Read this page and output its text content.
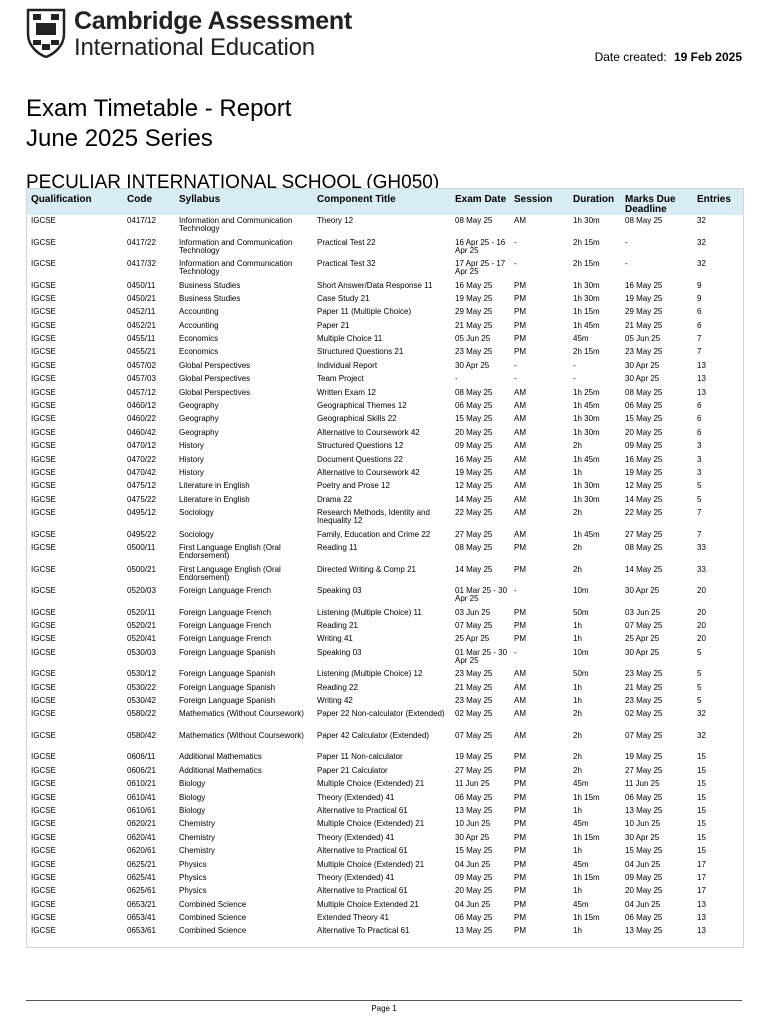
Cambridge Assessment
International Education	Date created: 19 Feb 2025
Exam Timetable - Report
June 2025 Series
PECULIAR INTERNATIONAL SCHOOL (GH050)
Qualification	Code	Syllabus	Component Title	Exam Date	Session	Duration	Marks Due Deadline	Entries
IGCSE	0417/12	Information and Communication Technology	Theory 12	08 May 25	AM	1h 30m	08 May 25	32
IGCSE	0417/22	Information and Communication Technology	Practical Test 22	16 Apr 25 - 16 Apr 25	-	2h 15m	-	32
IGCSE	0417/32	Information and Communication Technology	Practical Test 32	17 Apr 25 - 17 Apr 25	-	2h 15m	-	32
IGCSE	0450/11	Business Studies	Short Answer/Data Response 11	16 May 25	PM	1h 30m	16 May 25	9
IGCSE	0450/21	Business Studies	Case Study 21	19 May 25	PM	1h 30m	19 May 25	9
IGCSE	0452/11	Accounting	Paper 11 (Multiple Choice)	29 May 25	PM	1h 15m	29 May 25	6
IGCSE	0452/21	Accounting	Paper 21	21 May 25	PM	1h 45m	21 May 25	6
IGCSE	0455/11	Economics	Multiple Choice 11	05 Jun 25	PM	45m	05 Jun 25	7
IGCSE	0455/21	Economics	Structured Questions 21	23 May 25	PM	2h 15m	23 May 25	7
IGCSE	0457/02	Global Perspectives	Individual Report	30 Apr 25	-	-	30 Apr 25	13
IGCSE	0457/03	Global Perspectives	Team Project	-	-	-	30 Apr 25	13
IGCSE	0457/12	Global Perspectives	Written Exam 12	08 May 25	AM	1h 25m	08 May 25	13
IGCSE	0460/12	Geography	Geographical Themes 12	06 May 25	AM	1h 45m	06 May 25	6
IGCSE	0460/22	Geography	Geographical Skills 22	15 May 25	AM	1h 30m	15 May 25	6
IGCSE	0460/42	Geography	Alternative to Coursework 42	20 May 25	AM	1h 30m	20 May 25	6
IGCSE	0470/12	History	Structured Questions 12	09 May 25	AM	2h	09 May 25	3
IGCSE	0470/22	History	Document Questions 22	16 May 25	AM	1h 45m	16 May 25	3
IGCSE	0470/42	History	Alternative to Coursework 42	19 May 25	AM	1h	19 May 25	3
IGCSE	0475/12	Literature in English	Poetry and Prose 12	12 May 25	AM	1h 30m	12 May 25	5
IGCSE	0475/22	Literature in English	Drama 22	14 May 25	AM	1h 30m	14 May 25	5
IGCSE	0495/12	Sociology	Research Methods, Identity and Inequality 12	22 May 25	AM	2h	22 May 25	7
IGCSE	0495/22	Sociology	Family, Education and Crime 22	27 May 25	AM	1h 45m	27 May 25	7
IGCSE	0500/11	First Language English (Oral Endorsement)	Reading 11	08 May 25	PM	2h	08 May 25	33
IGCSE	0500/21	First Language English (Oral Endorsement)	Directed Writing & Comp 21	14 May 25	PM	2h	14 May 25	33
IGCSE	0520/03	Foreign Language French	Speaking 03	01 Mar 25 - 30 Apr 25	-	10m	30 Apr 25	20
IGCSE	0520/11	Foreign Language French	Listening (Multiple Choice) 11	03 Jun 25	PM	50m	03 Jun 25	20
IGCSE	0520/21	Foreign Language French	Reading 21	07 May 25	PM	1h	07 May 25	20
IGCSE	0520/41	Foreign Language French	Writing 41	25 Apr 25	PM	1h	25 Apr 25	20
IGCSE	0530/03	Foreign Language Spanish	Speaking 03	01 Mar 25 - 30 Apr 25	-	10m	30 Apr 25	5
IGCSE	0530/12	Foreign Language Spanish	Listening (Multiple Choice) 12	23 May 25	AM	50m	23 May 25	5
IGCSE	0530/22	Foreign Language Spanish	Reading 22	21 May 25	AM	1h	21 May 25	5
IGCSE	0530/42	Foreign Language Spanish	Writing 42	23 May 25	AM	1h	23 May 25	5
IGCSE	0580/22	Mathematics (Without Coursework)	Paper 22 Non-calculator (Extended)	02 May 25	AM	2h	02 May 25	32
IGCSE	0580/42	Mathematics (Without Coursework)	Paper 42 Calculator (Extended)	07 May 25	AM	2h	07 May 25	32
IGCSE	0606/11	Additional Mathematics	Paper 11 Non-calculator	19 May 25	PM	2h	19 May 25	15
IGCSE	0606/21	Additional Mathematics	Paper 21 Calculator	27 May 25	PM	2h	27 May 25	15
IGCSE	0610/21	Biology	Multiple Choice (Extended) 21	11 Jun 25	PM	45m	11 Jun 25	15
IGCSE	0610/41	Biology	Theory (Extended) 41	06 May 25	PM	1h 15m	06 May 25	15
IGCSE	0610/61	Biology	Alternative to Practical 61	13 May 25	PM	1h	13 May 25	15
IGCSE	0620/21	Chemistry	Multiple Choice (Extended) 21	10 Jun 25	PM	45m	10 Jun 25	15
IGCSE	0620/41	Chemistry	Theory (Extended) 41	30 Apr 25	PM	1h 15m	30 Apr 25	15
IGCSE	0620/61	Chemistry	Alternative to Practical 61	15 May 25	PM	1h	15 May 25	15
IGCSE	0625/21	Physics	Multiple Choice (Extended) 21	04 Jun 25	PM	45m	04 Jun 25	17
IGCSE	0625/41	Physics	Theory (Extended) 41	09 May 25	PM	1h 15m	09 May 25	17
IGCSE	0625/61	Physics	Alternative to Practical 61	20 May 25	PM	1h	20 May 25	17
IGCSE	0653/21	Combined Science	Multiple Choice Extended 21	04 Jun 25	PM	45m	04 Jun 25	13
IGCSE	0653/41	Combined Science	Extended Theory 41	06 May 25	PM	1h 15m	06 May 25	13
IGCSE	0653/61	Combined Science	Alternative To Practical 61	13 May 25	PM	1h	13 May 25	13
Page 1
